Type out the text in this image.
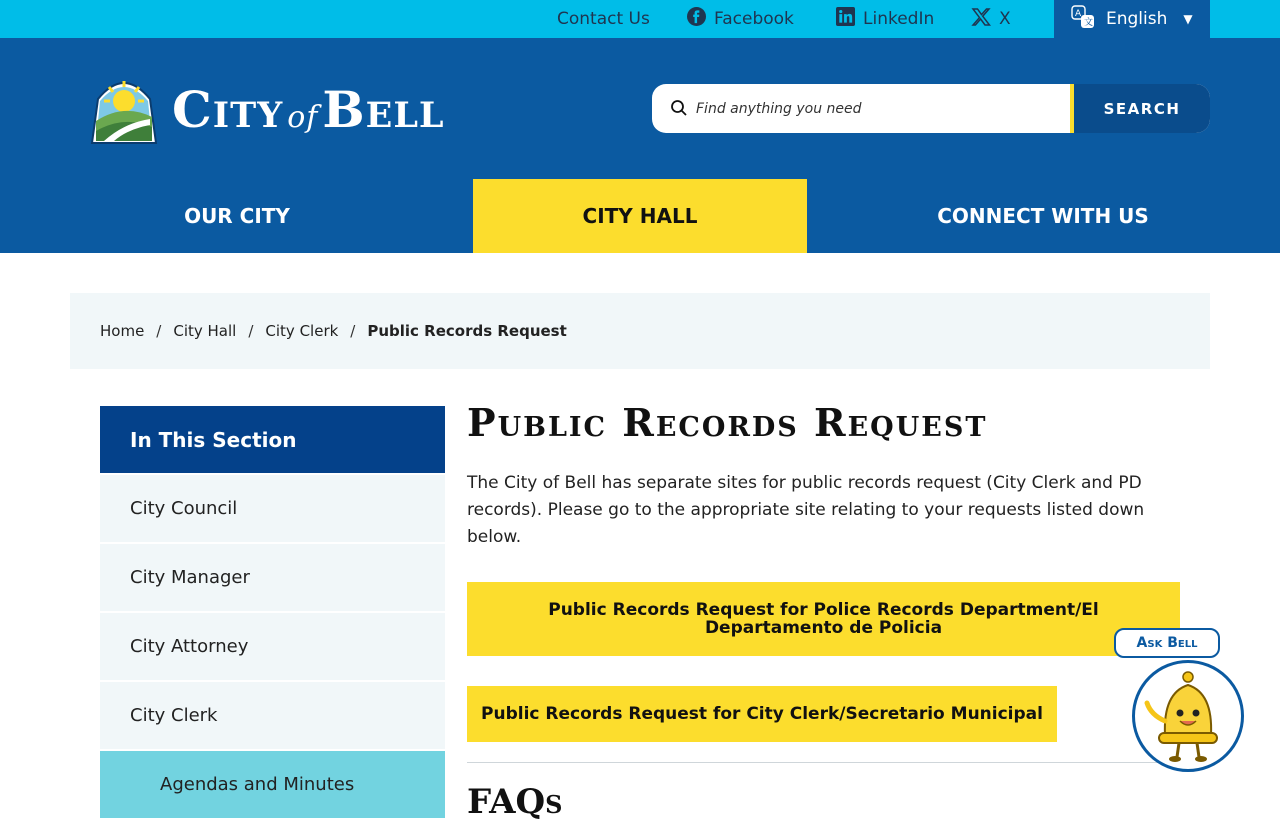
Contact Us	Facebook	LinkedIn	X	A
文 English ▼
City of Bell
Find anything you need	SEARCH
OUR CITY	CITY HALL	CONNECT WITH US
Home / City Hall / City Clerk / Public Records Request
In This Section
City Council
City Manager
City Attorney
City Clerk
Agendas and Minutes
Public Records Request

The City of Bell has separate sites for public records request (City Clerk and PD records). Please go to the appropriate site relating to your requests listed down below.

Public Records Request for Police Records Department/El Departamento de Policia
Public Records Request for City Clerk/Secretario Municipal
FAQs
Ask Bell
